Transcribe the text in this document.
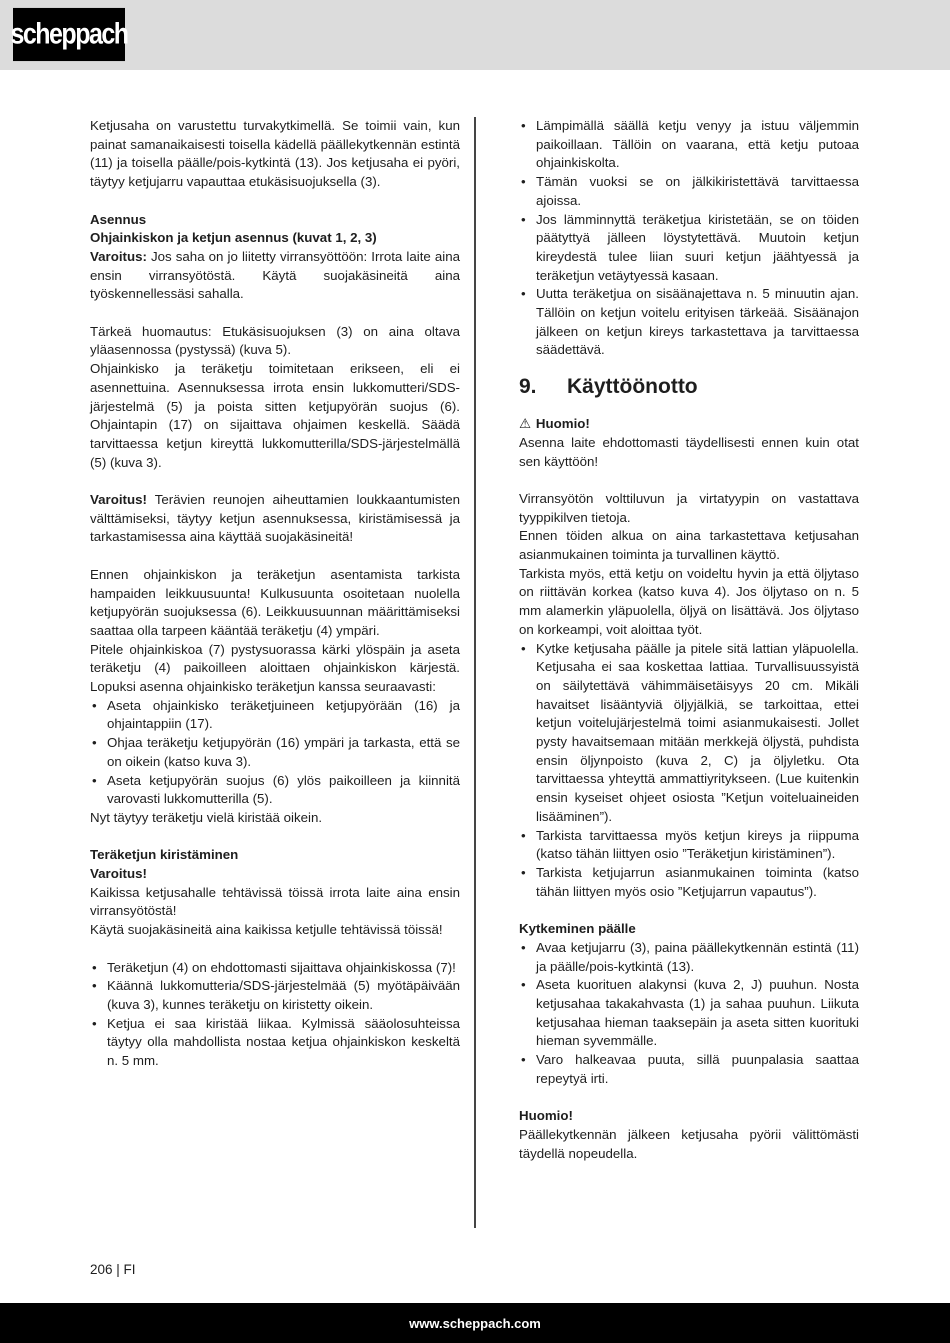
scheppach
Ketjusaha on varustettu turvakytkimellä. Se toimii vain, kun painat samanaikaisesti toisella kädellä päällekytkennän estintä (11) ja toisella päälle/pois-kytkintä (13). Jos ketjusaha ei pyöri, täytyy ketjujarru vapauttaa etukäsisuojuksella (3).
Asennus
Ohjainkiskon ja ketjun asennus (kuvat 1, 2, 3)
Varoitus: Jos saha on jo liitetty virransyöttöön: Irrota laite aina ensin virransyötöstä. Käytä suojakäsineitä aina työskennellessäsi sahalla.
Tärkeä huomautus: Etukäsisuojuksen (3) on aina oltava yläasennossa (pystyssä) (kuva 5).
Ohjainkisko ja teräketju toimitetaan erikseen, eli ei asennettuina. Asennuksessa irrota ensin lukkomutteri/SDS-järjestelmä (5) ja poista sitten ketjupyörän suojus (6). Ohjaintapin (17) on sijaittava ohjaimen keskellä. Säädä tarvittaessa ketjun kireyttä lukkomutterilla/SDS-järjestelmällä (5) (kuva 3).
Varoitus! Terävien reunojen aiheuttamien loukkaantumisten välttämiseksi, täytyy ketjun asennuksessa, kiristämisessä ja tarkastamisessa aina käyttää suojakäsineitä!
Ennen ohjainkiskon ja teräketjun asentamista tarkista hampaiden leikkuusuunta! Kulkusuunta osoitetaan nuolella ketjupyörän suojuksessa (6). Leikkuusuunnan määrittämiseksi saattaa olla tarpeen kääntää teräketju (4) ympäri.
Pitele ohjainkiskoa (7) pystysuorassa kärki ylöspäin ja aseta teräketju (4) paikoilleen aloittaen ohjainkiskon kärjestä. Lopuksi asenna ohjainkisko teräketjun kanssa seuraavasti:
• Aseta ohjainkisko teräketjuineen ketjupyörään (16) ja ohjaintappiin (17).
• Ohjaa teräketju ketjupyörän (16) ympäri ja tarkasta, että se on oikein (katso kuva 3).
• Aseta ketjupyörän suojus (6) ylös paikoilleen ja kiinnitä varovasti lukkomutterilla (5).
Nyt täytyy teräketju vielä kiristää oikein.
Teräketjun kiristäminen
Varoitus!
Kaikissa ketjusahalle tehtävissä töissä irrota laite aina ensin virransyötöstä!
Käytä suojakäsineitä aina kaikissa ketjulle tehtävissä töissä!
• Teräketjun (4) on ehdottomasti sijaittava ohjainkiskossa (7)!
• Käännä lukkomutteria/SDS-järjestelmää (5) myötäpäivään (kuva 3), kunnes teräketju on kiristetty oikein.
• Ketjua ei saa kiristää liikaa. Kylmissä sääolosuhteissa täytyy olla mahdollista nostaa ketjua ohjainkiskon keskeltä n. 5 mm.
• Lämpimällä säällä ketju venyy ja istuu väljemmin paikoillaan. Tällöin on vaarana, että ketju putoaa ohjainkiskolta.
• Tämän vuoksi se on jälkikiristettävä tarvittaessa ajoissa.
• Jos lämminnyttä teräketjua kiristetään, se on töiden päätyttyä jälleen löystytettävä. Muutoin ketjun kireydestä tulee liian suuri ketjun jäähtyessä ja teräketjun vetäytyessä kasaan.
• Uutta teräketjua on sisäänajettava n. 5 minuutin ajan. Tällöin on ketjun voitelu erityisen tärkeää. Sisäänajon jälkeen on ketjun kireys tarkastettava ja tarvittaessa säädettävä.
9.	Käyttöönotto
⚠ Huomio!
Asenna laite ehdottomasti täydellisesti ennen kuin otat sen käyttöön!
Virransyötön volttiluvun ja virtatyypin on vastattava tyyppikilven tietoja.
Ennen töiden alkua on aina tarkastettava ketjusahan asianmukainen toiminta ja turvallinen käyttö.
Tarkista myös, että ketju on voideltu hyvin ja että öljytaso on riittävän korkea (katso kuva 4). Jos öljytaso on n. 5 mm alamerkin yläpuolella, öljyä on lisättävä. Jos öljytaso on korkeampi, voit aloittaa työt.
• Kytke ketjusaha päälle ja pitele sitä lattian yläpuolella. Ketjusaha ei saa koskettaa lattiaa. Turvallisuussyistä on säilytettävä vähimmäisetäisyys 20 cm. Mikäli havaitset lisääntyviä öljyjälkiä, se tarkoittaa, ettei ketjun voitelujärjestelmä toimi asianmukaisesti. Jollet pysty havaitsemaan mitään merkkejä öljystä, puhdista ensin öljynpoisto (kuva 2, C) ja öljyletku. Ota tarvittaessa yhteyttä ammattiyritykseen. (Lue kuitenkin ensin kyseiset ohjeet osiosta ”Ketjun voiteluaineiden lisääminen”).
• Tarkista tarvittaessa myös ketjun kireys ja riippuma (katso tähän liittyen osio ”Teräketjun kiristäminen”).
• Tarkista ketjujarrun asianmukainen toiminta (katso tähän liittyen myös osio ”Ketjujarrun vapautus”).
Kytkeminen päälle
• Avaa ketjujarru (3), paina päällekytkennän estintä (11) ja päälle/pois-kytkintä (13).
• Aseta kuorituen alakynsi (kuva 2, J) puuhun. Nosta ketjusahaa takakahvasta (1) ja sahaa puuhun. Liikuta ketjusahaa hieman taaksepäin ja aseta sitten kuorituki hieman syvemmälle.
• Varo halkeavaa puuta, sillä puunpalasia saattaa repeytyä irti.
Huomio!
Päällekytkennän jälkeen ketjusaha pyörii välittömästi täydellä nopeudella.
206 | FI
www.scheppach.com
